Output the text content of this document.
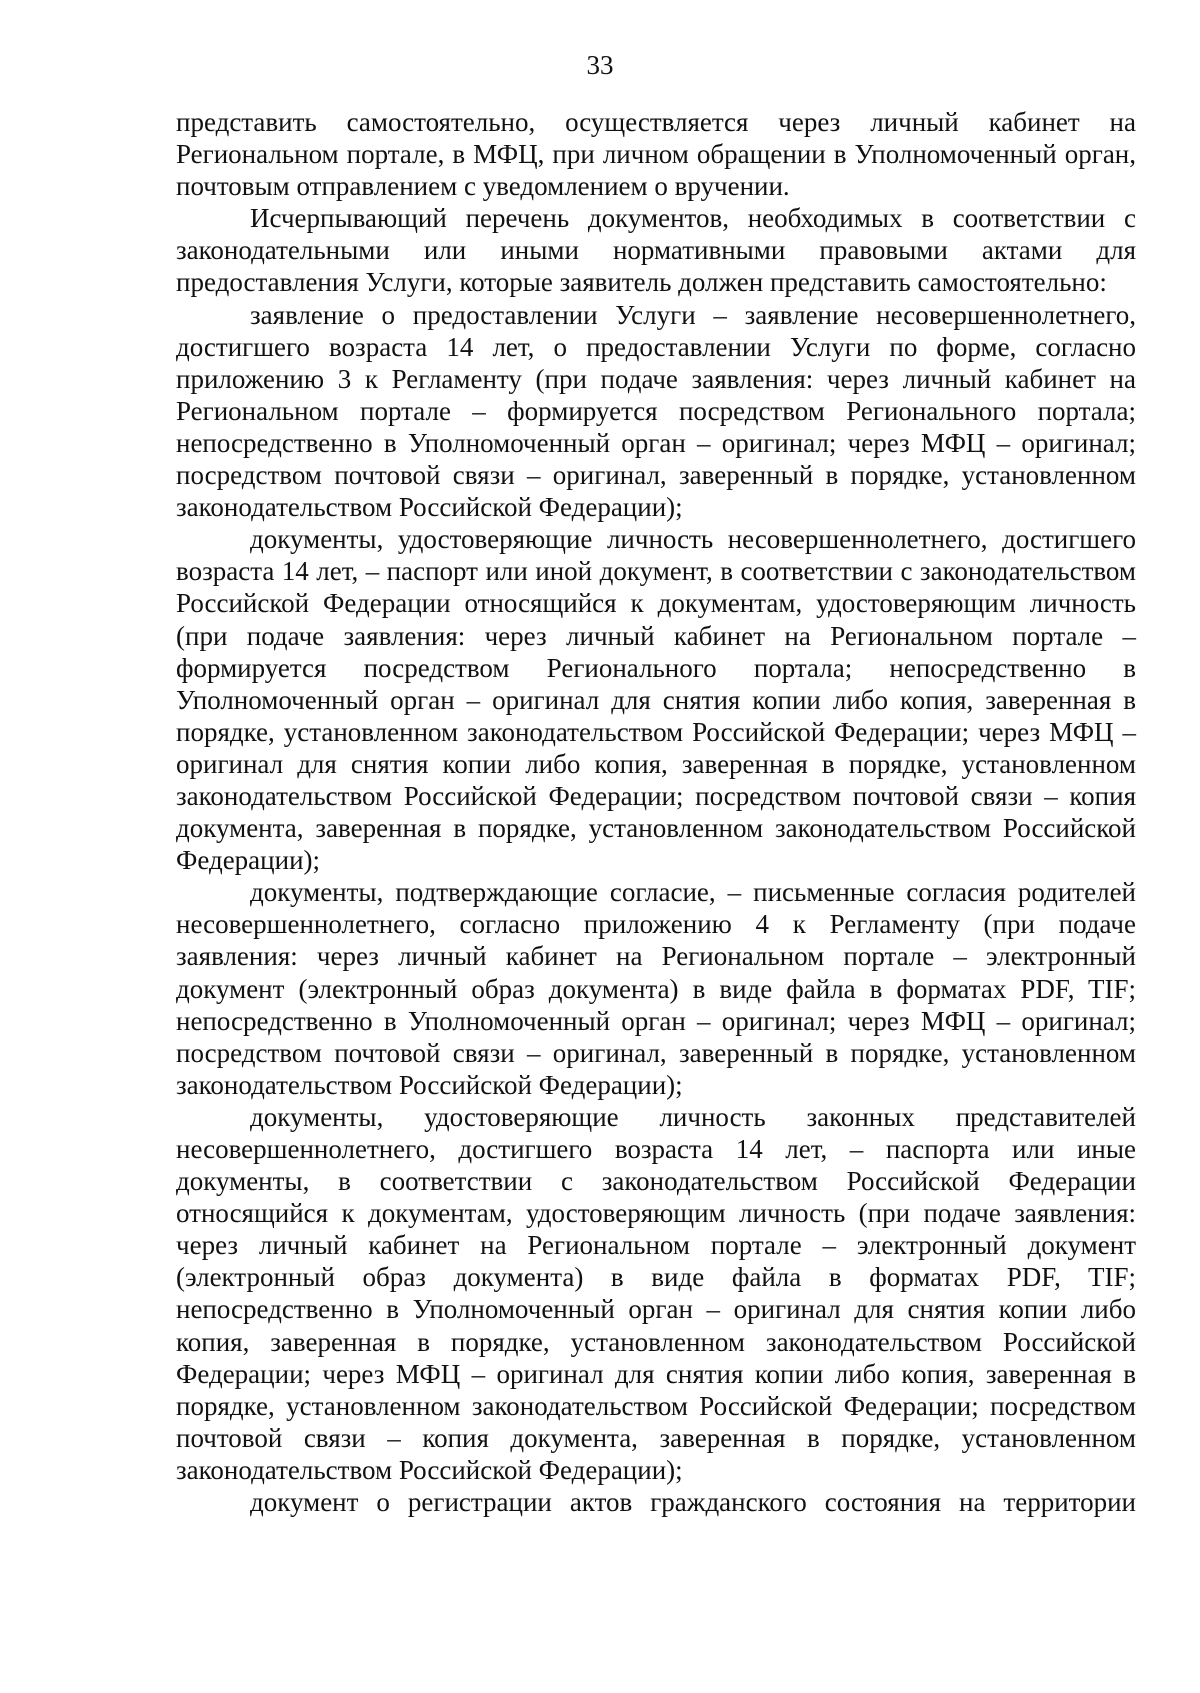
33

представить самостоятельно, осуществляется через личный кабинет на Региональном портале, в МФЦ, при личном обращении в Уполномоченный орган, почтовым отправлением с уведомлением о вручении.

Исчерпывающий перечень документов, необходимых в соответствии с законодательными или иными нормативными правовыми актами для предоставления Услуги, которые заявитель должен представить самостоятельно:

заявление о предоставлении Услуги – заявление несовершеннолетнего, достигшего возраста 14 лет, о предоставлении Услуги по форме, согласно приложению 3 к Регламенту (при подаче заявления: через личный кабинет на Региональном портале – формируется посредством Регионального портала; непосредственно в Уполномоченный орган – оригинал; через МФЦ – оригинал; посредством почтовой связи – оригинал, заверенный в порядке, установленном законодательством Российской Федерации);

документы, удостоверяющие личность несовершеннолетнего, достигшего возраста 14 лет, – паспорт или иной документ, в соответствии с законодательством Российской Федерации относящийся к документам, удостоверяющим личность (при подаче заявления: через личный кабинет на Региональном портале – формируется посредством Регионального портала; непосредственно в Уполномоченный орган – оригинал для снятия копии либо копия, заверенная в порядке, установленном законодательством Российской Федерации; через МФЦ – оригинал для снятия копии либо копия, заверенная в порядке, установленном законодательством Российской Федерации; посредством почтовой связи – копия документа, заверенная в порядке, установленном законодательством Российской Федерации);

документы, подтверждающие согласие, – письменные согласия родителей несовершеннолетнего, согласно приложению 4 к Регламенту (при подаче заявления: через личный кабинет на Региональном портале – электронный документ (электронный образ документа) в виде файла в форматах PDF, TIF; непосредственно в Уполномоченный орган – оригинал; через МФЦ – оригинал; посредством почтовой связи – оригинал, заверенный в порядке, установленном законодательством Российской Федерации);

документы, удостоверяющие личность законных представителей несовершеннолетнего, достигшего возраста 14 лет, – паспорта или иные документы, в соответствии с законодательством Российской Федерации относящийся к документам, удостоверяющим личность (при подаче заявления: через личный кабинет на Региональном портале – электронный документ (электронный образ документа) в виде файла в форматах PDF, TIF; непосредственно в Уполномоченный орган – оригинал для снятия копии либо копия, заверенная в порядке, установленном законодательством Российской Федерации; через МФЦ – оригинал для снятия копии либо копия, заверенная в порядке, установленном законодательством Российской Федерации; посредством почтовой связи – копия документа, заверенная в порядке, установленном законодательством Российской Федерации);

документ о регистрации актов гражданского состояния на территории
